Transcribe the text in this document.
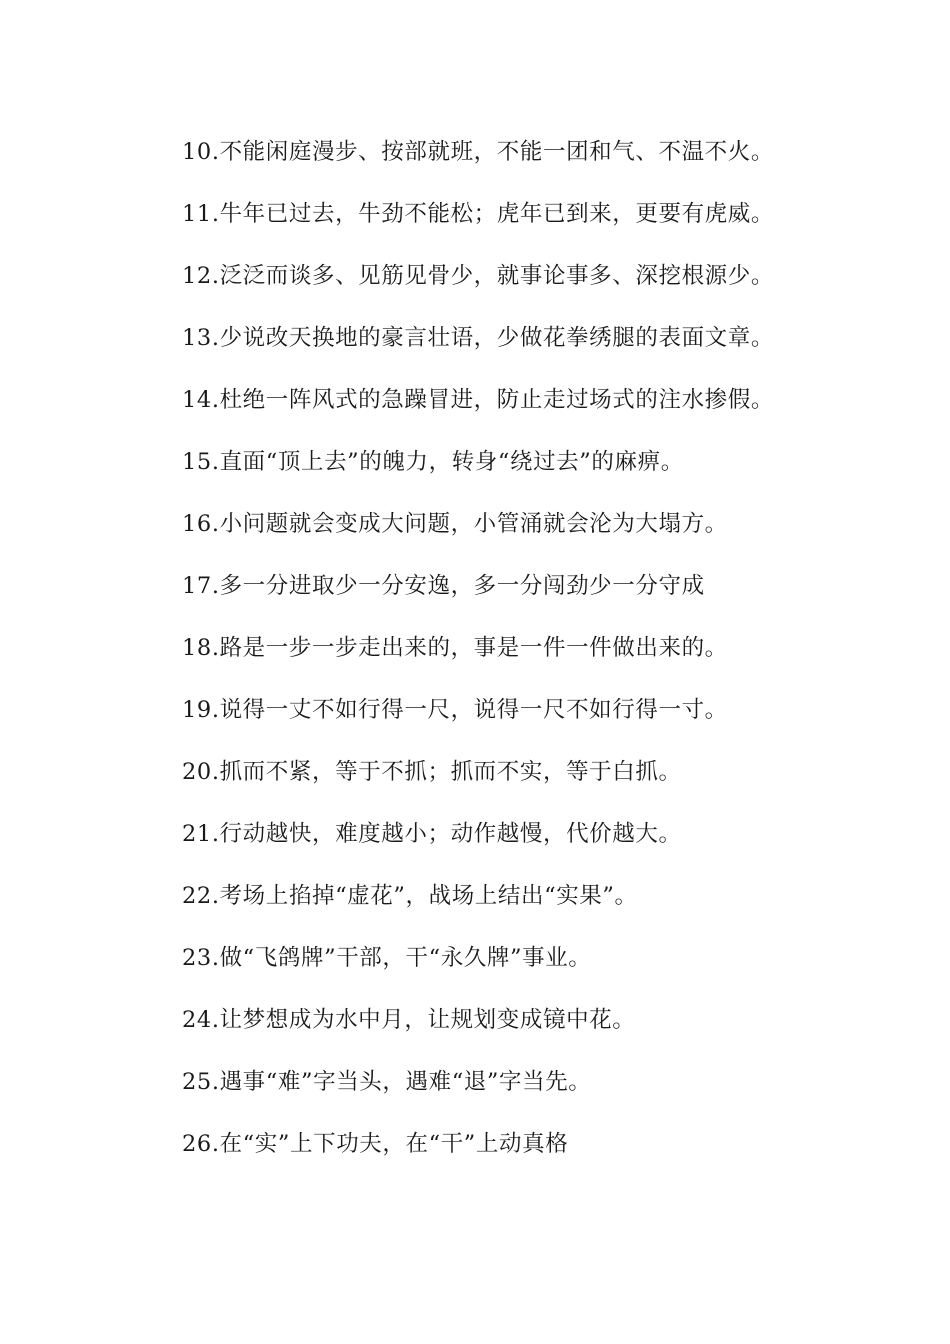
10.不能闲庭漫步、按部就班，不能一团和气、不温不火。
11.牛年已过去，牛劲不能松；虎年已到来，更要有虎威。
12.泛泛而谈多、见筋见骨少，就事论事多、深挖根源少。
13.少说改天换地的豪言壮语，少做花拳绣腿的表面文章。
14.杜绝一阵风式的急躁冒进，防止走过场式的注水掺假。
15.直面“顶上去”的魄力，转身“绕过去”的麻痹。
16.小问题就会变成大问题，小管涌就会沦为大塌方。
17.多一分进取少一分安逸，多一分闯劲少一分守成
18.路是一步一步走出来的，事是一件一件做出来的。
19.说得一丈不如行得一尺，说得一尺不如行得一寸。
20.抓而不紧，等于不抓；抓而不实，等于白抓。
21.行动越快，难度越小；动作越慢，代价越大。
22.考场上掐掉“虚花”，战场上结出“实果”。
23.做“飞鸽牌”干部，干“永久牌”事业。
24.让梦想成为水中月，让规划变成镜中花。
25.遇事“难”字当头，遇难“退”字当先。
26.在“实”上下功夫，在“干”上动真格
